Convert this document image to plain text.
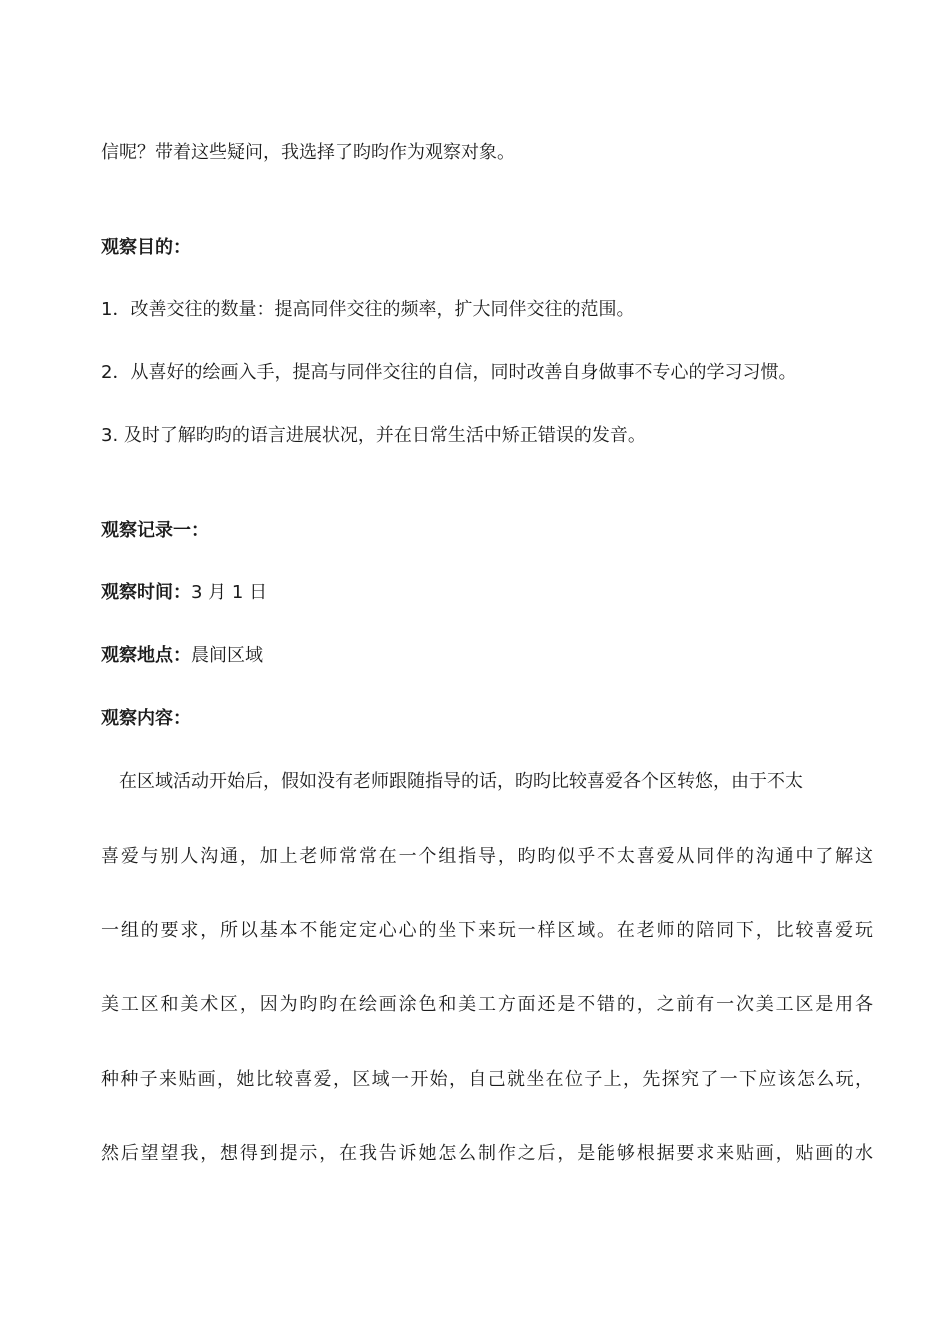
信呢？带着这些疑问，我选择了昀昀作为观察对象。

观察目的：

1．改善交往的数量：提高同伴交往的频率，扩大同伴交往的范围。

2．从喜好的绘画入手，提高与同伴交往的自信，同时改善自身做事不专心的学习习惯。

3. 及时了解昀昀的语言进展状况，并在日常生活中矫正错误的发音。

观察记录一：

观察时间：3 月 1 日

观察地点：晨间区域

观察内容：

在区域活动开始后，假如没有老师跟随指导的话，昀昀比较喜爱各个区转悠，由于不太

喜爱与别人沟通，加上老师常常在一个组指导，昀昀似乎不太喜爱从同伴的沟通中了解这

一组的要求，所以基本不能定定心心的坐下来玩一样区域。在老师的陪同下，比较喜爱玩

美工区和美术区，因为昀昀在绘画涂色和美工方面还是不错的，之前有一次美工区是用各

种种子来贴画，她比较喜爱，区域一开始，自己就坐在位子上，先探究了一下应该怎么玩，

然后望望我，想得到提示，在我告诉她怎么制作之后，是能够根据要求来贴画，贴画的水
